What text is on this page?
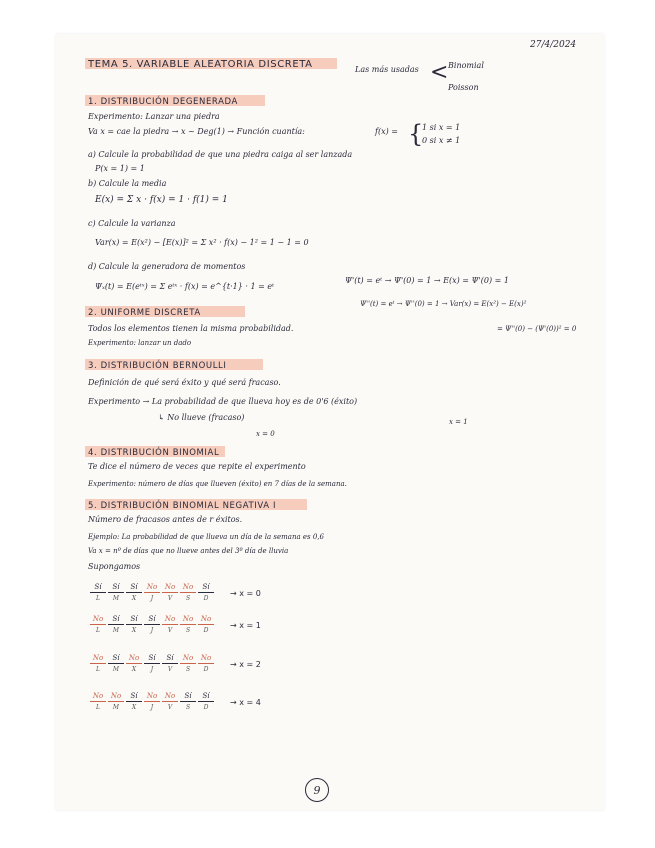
27/4/2024
TEMA 5. VARIABLE ALEATORIA DISCRETA	Las más usadas < Binomial
Poisson
1. DISTRIBUCIÓN DEGENERADA
Experimento: Lanzar una piedra
Va x = cae la piedra → x ~ Deg(1) → Función cuantía:	f(x) = {
1 si x = 1
0 si x ≠ 1
a) Calcule la probabilidad de que una piedra caiga al ser lanzada
P(x = 1) = 1
b) Calcule la media
E(x) = Σ x · f(x) = 1 · f(1) = 1
c) Calcule la varianza
Var(x) = E(x²) − [E(x)]² = Σ x² · f(x) − 1² = 1 − 1 = 0
d) Calcule la generadora de momentos
Ψₓ(t) = E(eᵗˣ) = Σ eᵗˣ · f(x) = e^{t·1} · 1 = eᵗ
Ψ'(t) = eᵗ → Ψ'(0) = 1 → E(x) = Ψ'(0) = 1
Ψ''(t) = eᵗ → Ψ''(0) = 1 → Var(x) = E(x²) − E(x)²
= Ψ''(0) − (Ψ'(0))² = 0
2. UNIFORME DISCRETA
Todos los elementos tienen la misma probabilidad.
Experimento: lanzar un dado
3. DISTRIBUCIÓN BERNOULLI
Definición de qué será éxito y qué será fracaso.
Experimento → La probabilidad de que llueva hoy es de 0'6 (éxito)
↳ No llueve (fracaso)
x = 0
x = 1
4. DISTRIBUCIÓN BINOMIAL
Te dice el número de veces que repite el experimento
Experimento: número de días que llueven (éxito) en 7 días de la semana.
5. DISTRIBUCIÓN BINOMIAL NEGATIVA I
Número de fracasos antes de r éxitos.
Ejemplo: La probabilidad de que llueva un día de la semana es 0,6
Va x = nº de días que no llueve antes del 3º día de lluvia
Supongamos
Sí
L
Sí
M
Sí
X
No
J
No
V
No
S
Sí
D
→ x = 0
No
L
Sí
M
Sí
X
Sí
J
No
V
No
S
No
D
→ x = 1
No
L
Sí
M
No
X
Sí
J
Sí
V
No
S
No
D
→ x = 2
No
L
No
M
Sí
X
No
J
No
V
Sí
S
Sí
D
→ x = 4
9
